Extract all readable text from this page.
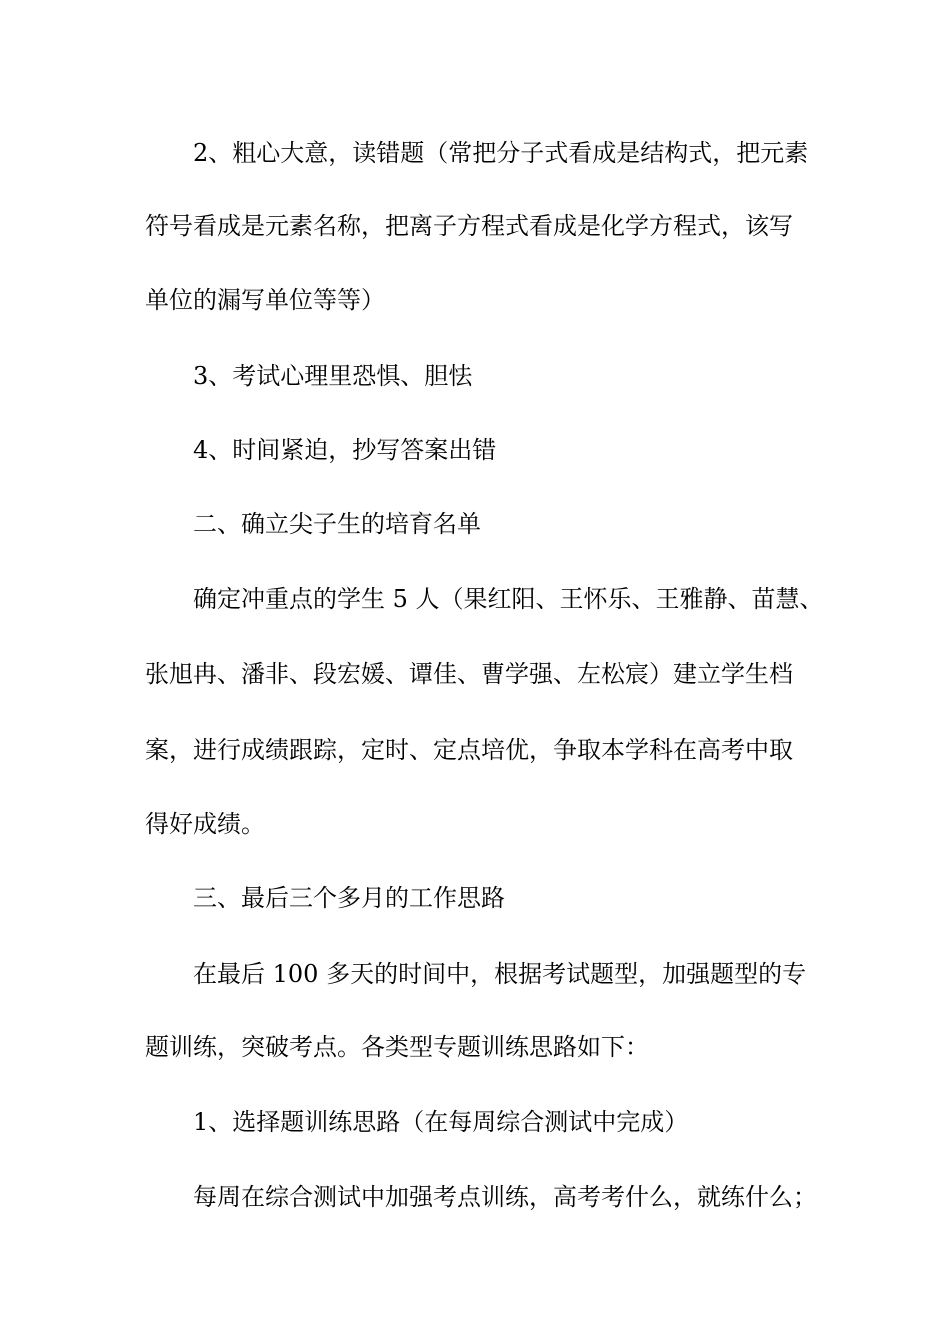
2、粗心大意，读错题（常把分子式看成是结构式，把元素
符号看成是元素名称，把离子方程式看成是化学方程式，该写
单位的漏写单位等等）
3、考试心理里恐惧、胆怯
4、时间紧迫，抄写答案出错
二、确立尖子生的培育名单
确定冲重点的学生 5 人（果红阳、王怀乐、王雅静、苗慧、
张旭冉、潘非、段宏媛、谭佳、曹学强、左松宸）建立学生档
案，进行成绩跟踪，定时、定点培优，争取本学科在高考中取
得好成绩。
三、最后三个多月的工作思路
在最后 100 多天的时间中，根据考试题型，加强题型的专
题训练，突破考点。各类型专题训练思路如下：
1、选择题训练思路（在每周综合测试中完成）
每周在综合测试中加强考点训练，高考考什么，就练什么；
